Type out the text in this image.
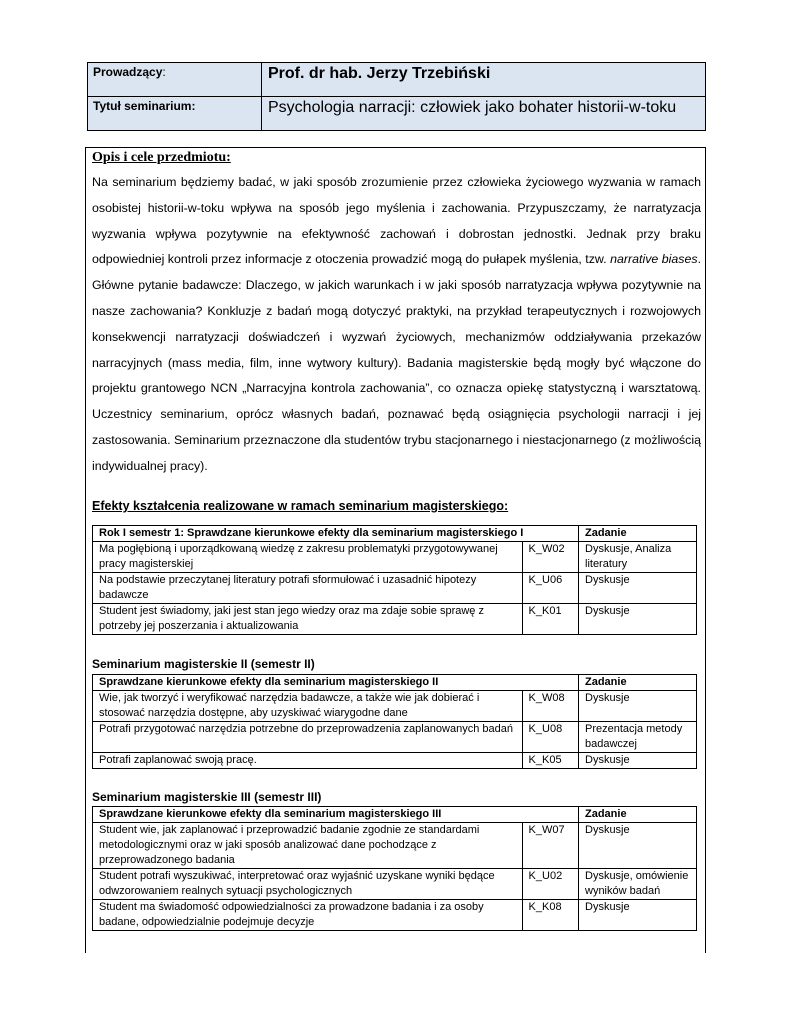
Prowadzący:	Prof. dr hab. Jerzy Trzebiński
Tytuł seminarium:	Psychologia narracji: człowiek jako bohater historii-w-toku
Opis i cele przedmiotu:

Na seminarium będziemy badać, w jaki sposób zrozumienie przez człowieka życiowego wyzwania w ramach osobistej historii-w-toku wpływa na sposób jego myślenia i zachowania. Przypuszczamy, że narratyzacja wyzwania wpływa pozytywnie na efektywność zachowań i dobrostan jednostki. Jednak przy braku odpowiedniej kontroli przez informacje z otoczenia prowadzić mogą do pułapek myślenia, tzw. narrative biases. Główne pytanie badawcze: Dlaczego, w jakich warunkach i w jaki sposób narratyzacja wpływa pozytywnie na nasze zachowania? Konkluzje z badań mogą dotyczyć praktyki, na przykład terapeutycznych i rozwojowych konsekwencji narratyzacji doświadczeń i wyzwań życiowych, mechanizmów oddziaływania przekazów narracyjnych (mass media, film, inne wytwory kultury). Badania magisterskie będą mogły być włączone do projektu grantowego NCN „Narracyjna kontrola zachowania”, co oznacza opiekę statystyczną i warsztatową. Uczestnicy seminarium, oprócz własnych badań, poznawać będą osiągnięcia psychologii narracji i jej zastosowania. Seminarium przeznaczone dla studentów trybu stacjonarnego i niestacjonarnego (z możliwością indywidualnej pracy).

Efekty kształcenia realizowane w ramach seminarium magisterskiego:
Rok I semestr 1: Sprawdzane kierunkowe efekty dla seminarium magisterskiego I		Zadanie
Ma pogłębioną i uporządkowaną wiedzę z zakresu problematyki przygotowywanej pracy magisterskiej	K_W02	Dyskusje, Analiza literatury
Na podstawie przeczytanej literatury potrafi sformułować i uzasadnić hipotezy badawcze	K_U06	Dyskusje
Student jest świadomy, jaki jest stan jego wiedzy oraz ma zdaje sobie sprawę z potrzeby jej poszerzania i aktualizowania	K_K01	Dyskusje
Seminarium magisterskie II (semestr II)
Sprawdzane kierunkowe efekty dla seminarium magisterskiego II		Zadanie
Wie, jak tworzyć i weryfikować narzędzia badawcze, a także wie jak dobierać i stosować narzędzia dostępne, aby uzyskiwać wiarygodne dane	K_W08	Dyskusje
Potrafi przygotować narzędzia potrzebne do przeprowadzenia zaplanowanych badań	K_U08	Prezentacja metody badawczej
Potrafi zaplanować swoją pracę.	K_K05	Dyskusje
Seminarium magisterskie III (semestr III)
Sprawdzane kierunkowe efekty dla seminarium magisterskiego III		Zadanie
Student wie, jak zaplanować i przeprowadzić badanie zgodnie ze standardami metodologicznymi oraz w jaki sposób analizować dane pochodzące z przeprowadzonego badania	K_W07	Dyskusje
Student potrafi wyszukiwać, interpretować oraz wyjaśnić uzyskane wyniki będące odwzorowaniem realnych sytuacji psychologicznych	K_U02	Dyskusje, omówienie wyników badań
Student ma świadomość odpowiedzialności za prowadzone badania i za osoby badane, odpowiedzialnie podejmuje decyzje	K_K08	Dyskusje
